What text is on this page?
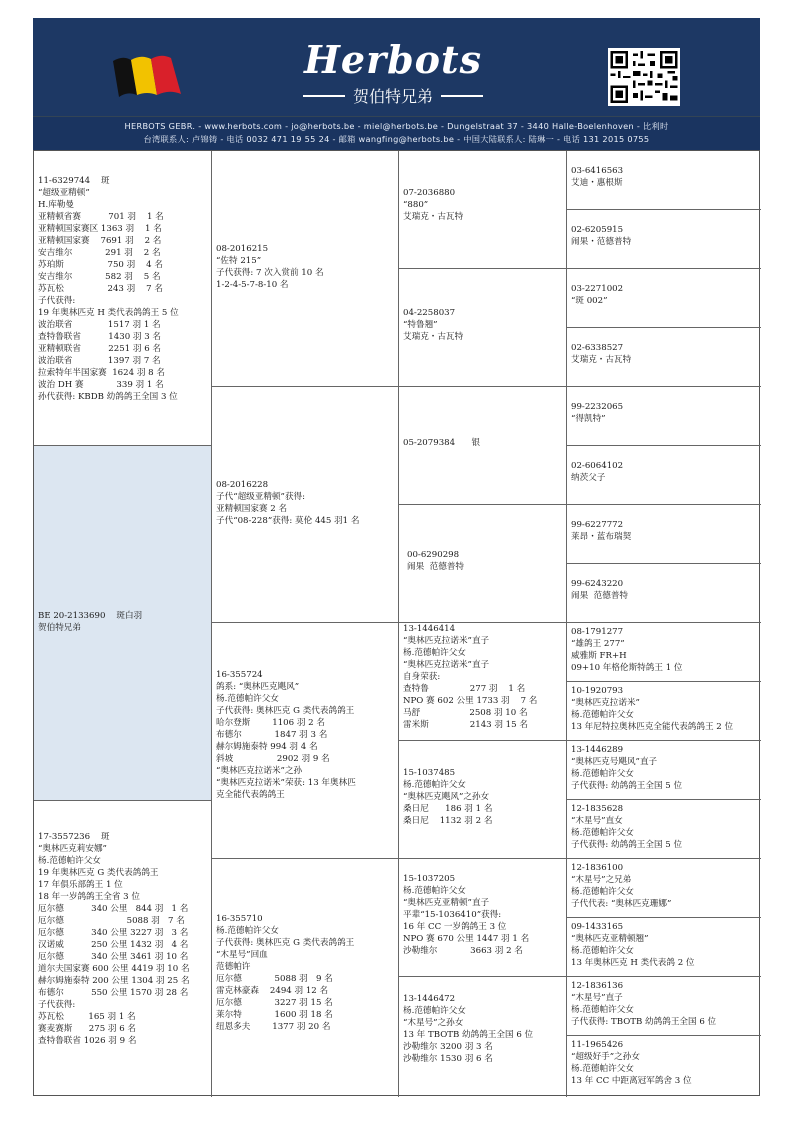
Herbots
贺伯特兄弟
HERBOTS GEBR. - www.herbots.com - jo@herbots.be - miel@herbots.be - Dungelstraat 37 - 3440 Halle-Boelenhoven - 比利时
台湾联系人: 卢锦铸 - 电话 0032 471 19 55 24 - 邮箱 wangfing@herbots.be - 中国大陆联系人: 陆琳一 - 电话 131 2015 0755
11-6329744    斑
“超级亚精顿”
H.库勒曼
亚精顿省赛          701 羽    1 名
亚精顿国家赛区 1363 羽    1 名
亚精顿国家赛    7691 羽    2 名
安吉维尔            291 羽    2 名
苏珀斯                750 羽    4 名
安吉维尔            582 羽    5 名
苏瓦松                243 羽    7 名
子代获得:
19 年奥林匹克 H 类代表鸽鸽王 5 位
波治联省             1517 羽 1 名
查特鲁联省          1430 羽 3 名
亚精顿联省          2251 羽 6 名
波治联省             1397 羽 7 名
拉索特年半国家赛  1624 羽 8 名
波治 DH 赛            339 羽 1 名
孙代获得: KBDB 幼鸽鸽王全国 3 位
BE 20-2133690    斑白羽
贺伯特兄弟
17-3557236    斑
“奥林匹克莉安娜”
杨.范德帕许父女
19 年奥林匹克 G 类代表鸽鸽王
17 年俱乐部鸽王 1 位
18 年一岁鸽鸽王全省 3 位
厄尔德          340 公里   844 羽   1 名
厄尔德                       5088 羽   7 名
厄尔德          340 公里 3227 羽   3 名
汉诺威          250 公里 1432 羽   4 名
厄尔德          340 公里 3461 羽 10 名
道尔夫国家赛 600 公里 4419 羽 10 名
赫尔姆施泰特 200 公里 1304 羽 25 名
布德尔          550 公里 1570 羽 28 名
子代获得:
苏瓦松         165 羽 1 名
赛麦赛斯      275 羽 6 名
查特鲁联省 1026 羽 9 名
08-2016215
“佐特 215”
子代获得: 7 次入赏前 10 名
1-2-4-5-7-8-10 名
08-2016228
子代“超级亚精顿”获得:
亚精顿国家赛 2 名
子代“08-228”获得: 莫伦 445 羽1 名
16-355724
鸽系: “奥林匹克飓风”
杨.范德帕许父女
子代获得: 奥林匹克 G 类代表鸽鸽王
哈尔登斯        1106 羽 2 名
布德尔            1847 羽 3 名
赫尔姆施泰特 994 羽 4 名
斜坡                2902 羽 9 名
“奥林匹克拉诺米”之孙
“奥林匹克拉诺米”荣获: 13 年奥林匹
克全能代表鸽鸽王
16-355710
杨.范德帕许父女
子代获得: 奥林匹克 G 类代表鸽鸽王
“木星号”回血
范德帕许
厄尔德            5088 羽   9 名
雷克林豪森    2494 羽 12 名
厄尔德            3227 羽 15 名
莱尔特            1600 羽 18 名
纽恩多夫        1377 羽 20 名
07-2036880
“880”
艾瑞克・古瓦特
04-2258037
“特鲁翘”
艾瑞克・古瓦特
05-2079384      银
00-6290298
闹果  范德普特
13-1446414
“奥林匹克拉诺米”直子
杨.范德帕许父女
“奥林匹克拉诺米”直子
自身荣获:
查特鲁               277 羽    1 名
NPO 赛 602 公里 1733 羽    7 名
马舒                  2508 羽 10 名
雷米斯               2143 羽 15 名
15-1037485
杨.范德帕许父女
“奥林匹克飓风”之孙女
桑日尼      186 羽 1 名
桑日尼    1132 羽 2 名
15-1037205
杨.范德帕许父女
“奥林匹克亚精顿”直子
平辈“15-1036410”获得:
16 年 CC 一岁鸽鸽王 3 位
NPO 赛 670 公里 1447 羽 1 名
沙勒维尔            3663 羽 2 名
13-1446472
杨.范德帕许父女
“木星号”之孙女
13 年 TBOTB 幼鸽鸽王全国 6 位
沙勒维尔 3200 羽 3 名
沙勒维尔 1530 羽 6 名
03-6416563
艾迪・惠根斯
02-6205915
闹果・范德普特
03-2271002
“斑 002”
02-6338527
艾瑞克・古瓦特
99-2232065
“得凯特”
02-6064102
纳茨父子
99-6227772
莱昂・蓝布瑞契
99-6243220
闹果  范德普特
08-1791277
“雄鸽王 277”
威雅斯 FR+H
09+10 年格伦斯特鸽王 1 位
10-1920793
“奥林匹克拉诺米”
杨.范德帕许父女
13 年尼特拉奥林匹克全能代表鸽鸽王 2 位
13-1446289
“奥林匹克号飓风”直子
杨.范德帕许父女
子代获得: 幼鸽鸽王全国 5 位
12-1835628
“木星号”直女
杨.范德帕许父女
子代获得: 幼鸽鸽王全国 5 位
12-1836100
“木星号”之兄弟
杨.范德帕许父女
子代代表: “奥林匹克珊娜”
09-1433165
“奥林匹克亚精顿翘”
杨.范德帕许父女
13 年奥林匹克 H 类代表鸽 2 位
12-1836136
“木星号”直子
杨.范德帕许父女
子代获得: TBOTB 幼鸽鸽王全国 6 位
11-1965426
“超级好手”之孙女
杨.范德帕许父女
13 年 CC 中距离冠军鸽舍 3 位
